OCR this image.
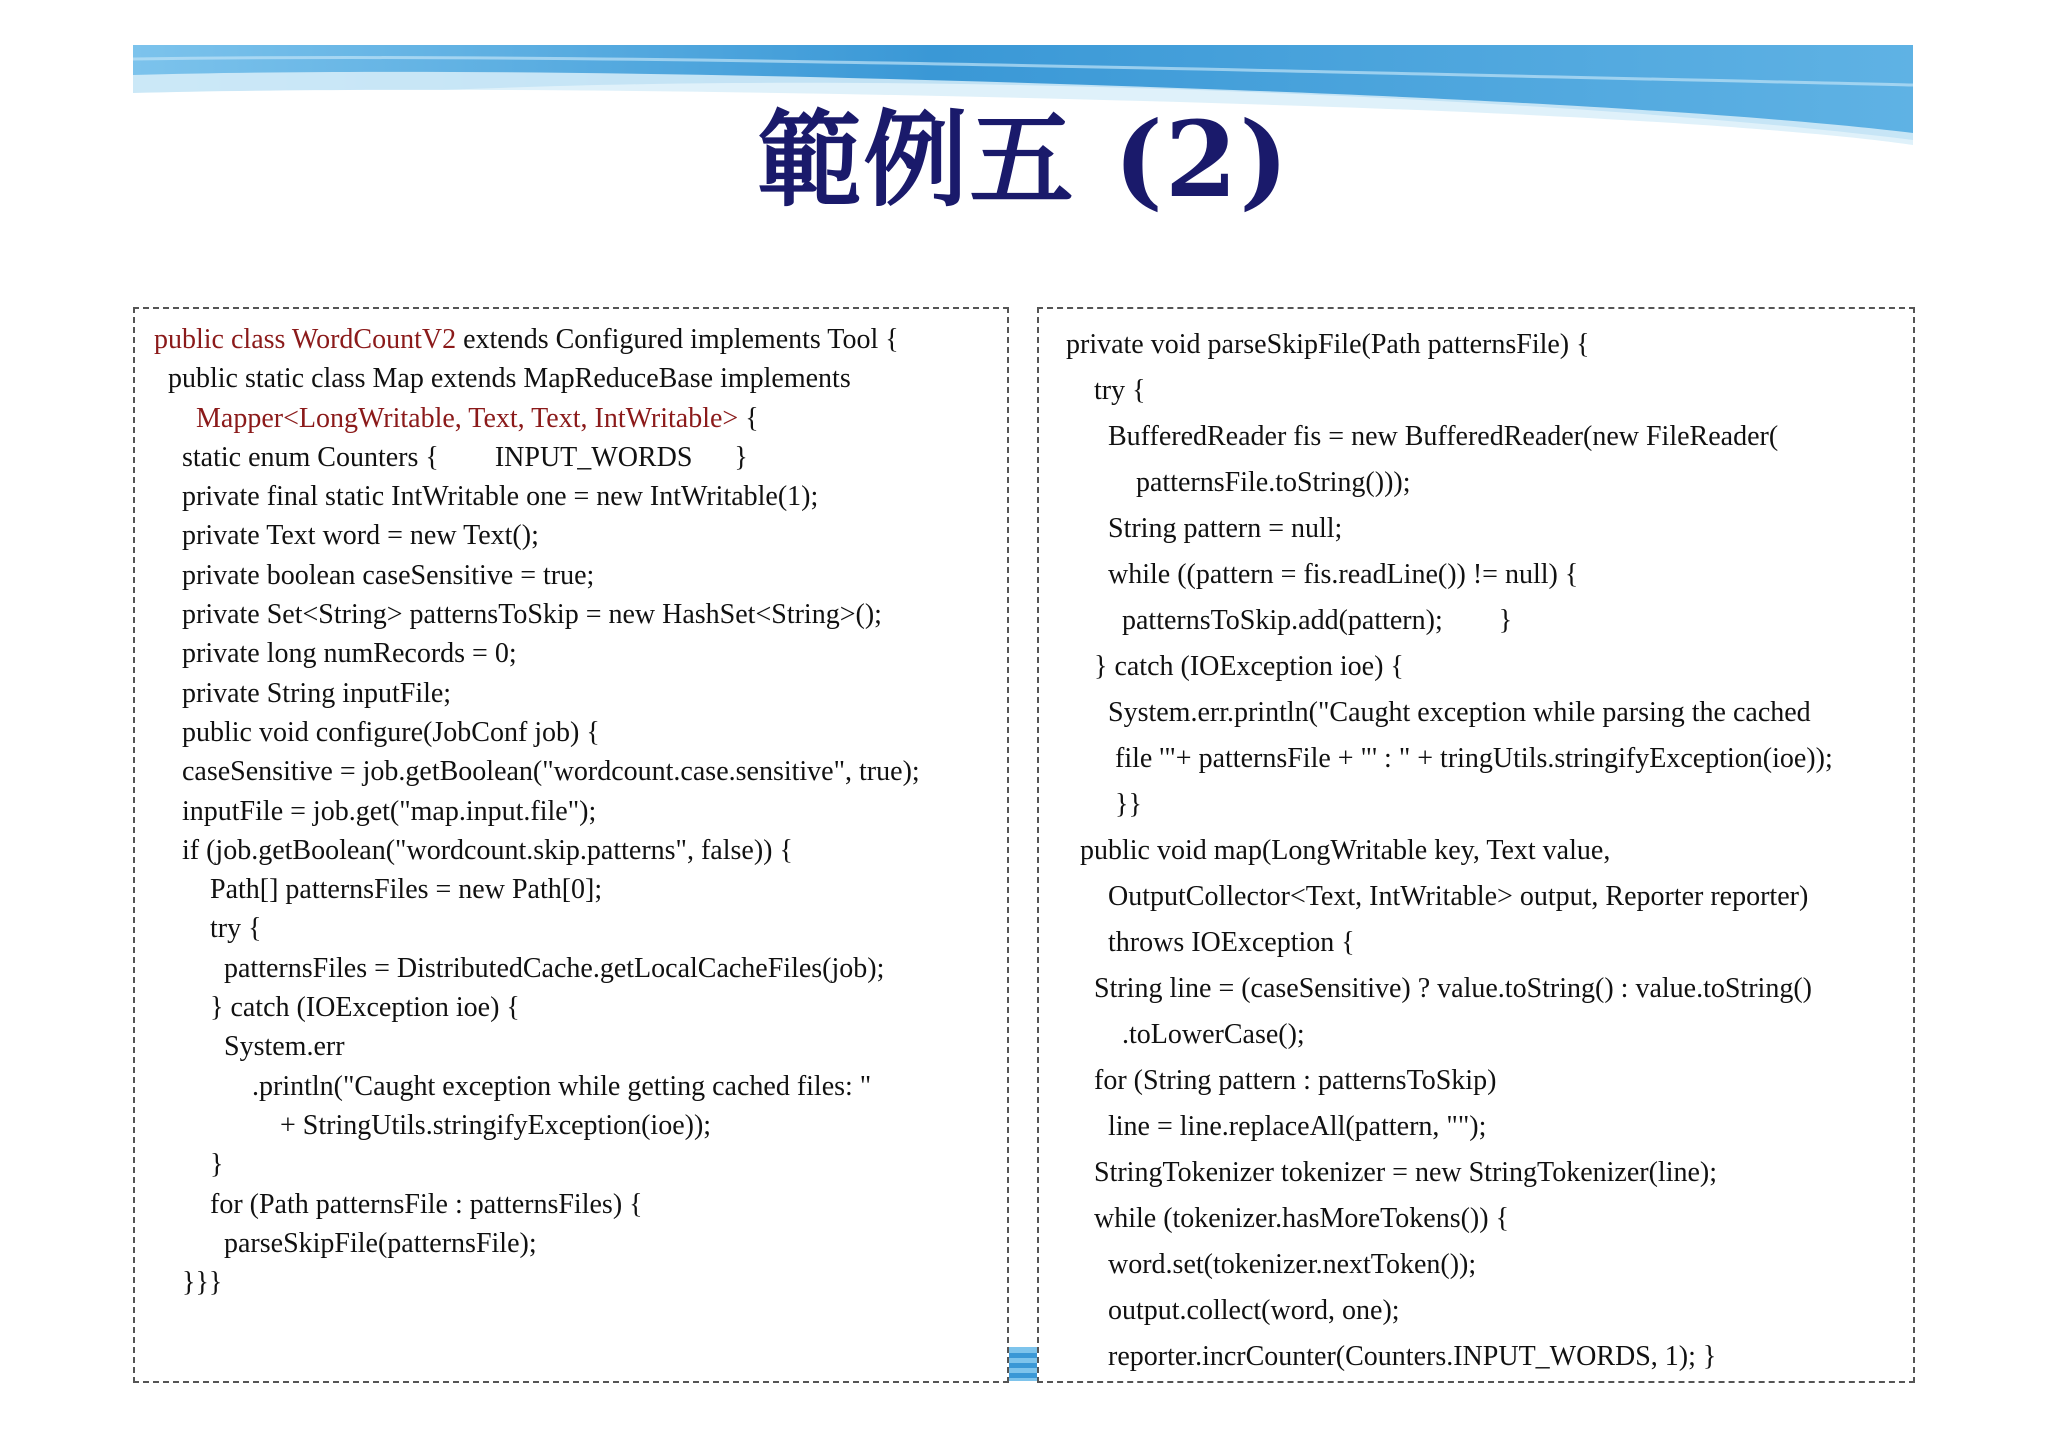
範例五 (2)
public class WordCountV2 extends Configured implements Tool {
public static class Map extends MapReduceBase implements
Mapper<LongWritable, Text, Text, IntWritable> {
static enum Counters {        INPUT_WORDS      }
private final static IntWritable one = new IntWritable(1);
private Text word = new Text();
private boolean caseSensitive = true;
private Set<String> patternsToSkip = new HashSet<String>();
private long numRecords = 0;
private String inputFile;
public void configure(JobConf job) {
caseSensitive = job.getBoolean("wordcount.case.sensitive", true);
inputFile = job.get("map.input.file");
if (job.getBoolean("wordcount.skip.patterns", false)) {
Path[] patternsFiles = new Path[0];
try {
patternsFiles = DistributedCache.getLocalCacheFiles(job);
} catch (IOException ioe) {
System.err
.println("Caught exception while getting cached files: "
+ StringUtils.stringifyException(ioe));
}
for (Path patternsFile : patternsFiles) {
parseSkipFile(patternsFile);
}}}
private void parseSkipFile(Path patternsFile) {
try {
BufferedReader fis = new BufferedReader(new FileReader(
patternsFile.toString()));
String pattern = null;
while ((pattern = fis.readLine()) != null) {
patternsToSkip.add(pattern);        }
} catch (IOException ioe) {
System.err.println("Caught exception while parsing the cached
file '"+ patternsFile + "' : " + tringUtils.stringifyException(ioe));
}}
public void map(LongWritable key, Text value,
OutputCollector<Text, IntWritable> output, Reporter reporter)
throws IOException {
String line = (caseSensitive) ? value.toString() : value.toString()
.toLowerCase();
for (String pattern : patternsToSkip)
line = line.replaceAll(pattern, "");
StringTokenizer tokenizer = new StringTokenizer(line);
while (tokenizer.hasMoreTokens()) {
word.set(tokenizer.nextToken());
output.collect(word, one);
reporter.incrCounter(Counters.INPUT_WORDS, 1); }
